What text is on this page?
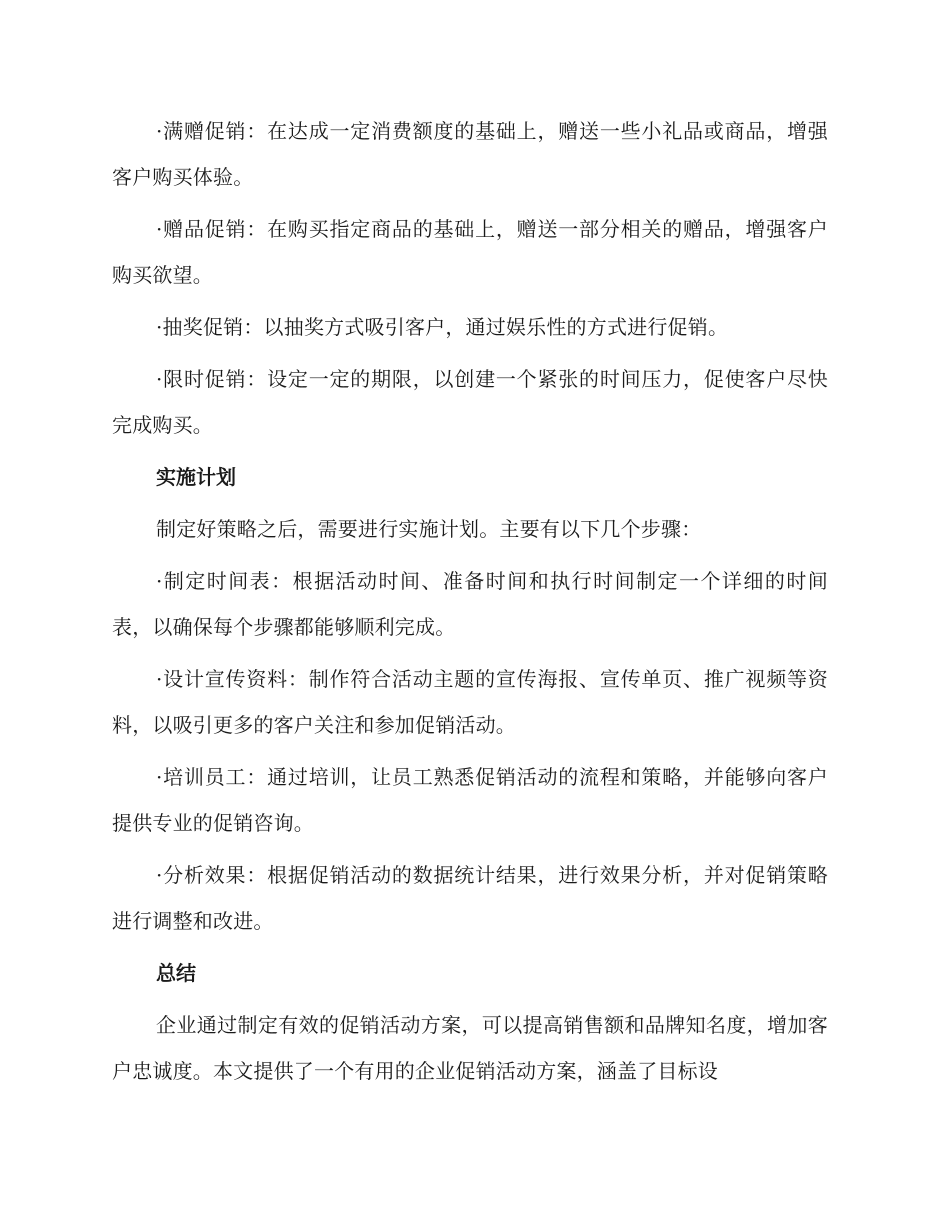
·满赠促销：在达成一定消费额度的基础上，赠送一些小礼品或商品，增强客户购买体验。

·赠品促销：在购买指定商品的基础上，赠送一部分相关的赠品，增强客户购买欲望。

·抽奖促销：以抽奖方式吸引客户，通过娱乐性的方式进行促销。

·限时促销：设定一定的期限，以创建一个紧张的时间压力，促使客户尽快完成购买。

实施计划

制定好策略之后，需要进行实施计划。主要有以下几个步骤：

·制定时间表：根据活动时间、准备时间和执行时间制定一个详细的时间表，以确保每个步骤都能够顺利完成。

·设计宣传资料：制作符合活动主题的宣传海报、宣传单页、推广视频等资料，以吸引更多的客户关注和参加促销活动。

·培训员工：通过培训，让员工熟悉促销活动的流程和策略，并能够向客户提供专业的促销咨询。

·分析效果：根据促销活动的数据统计结果，进行效果分析，并对促销策略进行调整和改进。

总结

企业通过制定有效的促销活动方案，可以提高销售额和品牌知名度，增加客户忠诚度。本文提供了一个有用的企业促销活动方案，涵盖了目标设
